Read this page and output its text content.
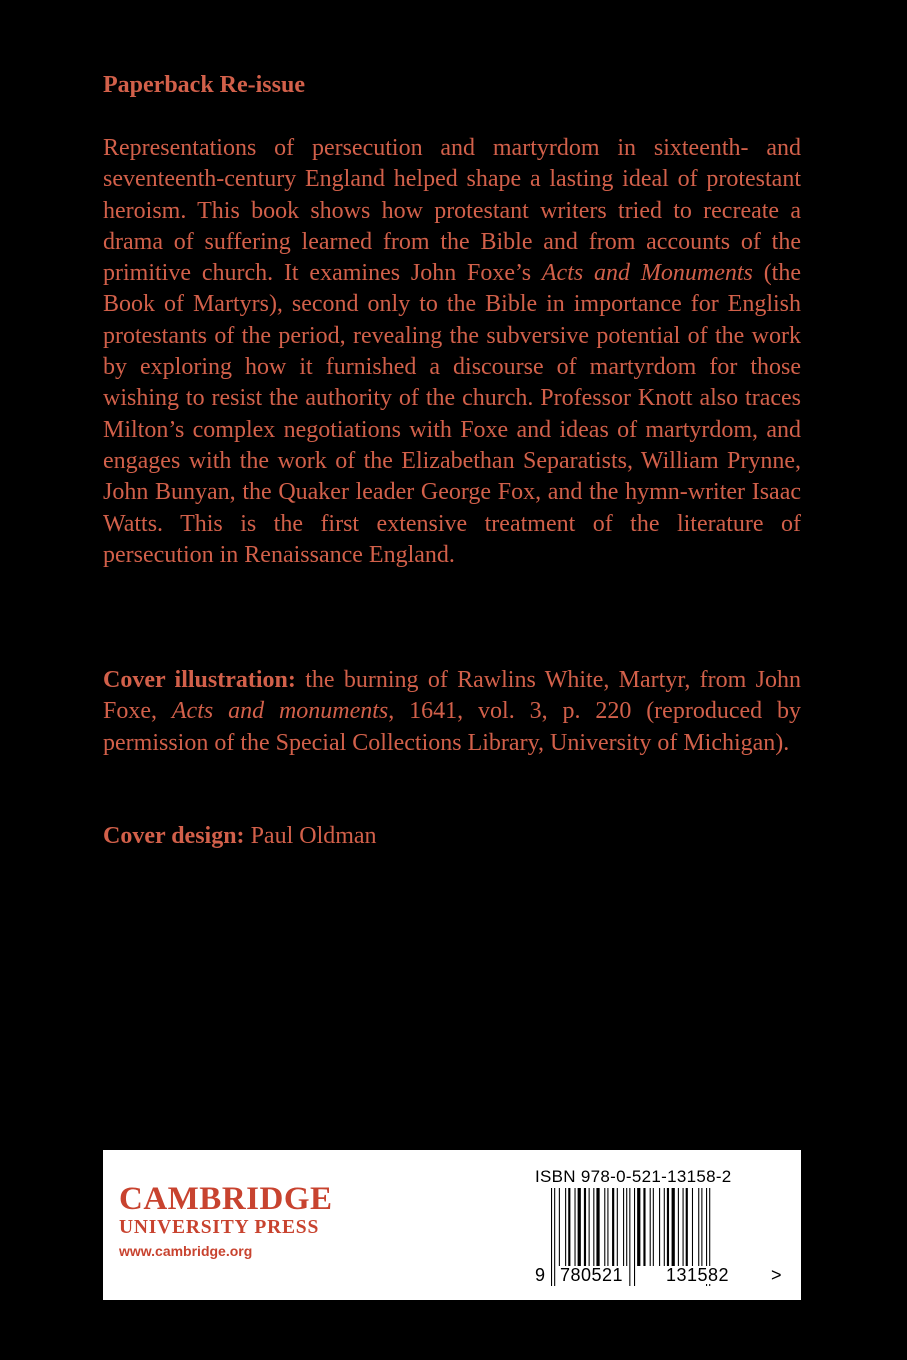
Paperback Re-issue

Representations of persecution and martyrdom in sixteenth- and seventeenth-century England helped shape a lasting ideal of protestant heroism. This book shows how protestant writers tried to recreate a drama of suffering learned from the Bible and from accounts of the primitive church. It examines John Foxe’s Acts and Monuments (the Book of Martyrs), second only to the Bible in importance for English protestants of the period, revealing the subversive potential of the work by exploring how it furnished a discourse of martyrdom for those wishing to resist the authority of the church. Professor Knott also traces Milton’s complex negotiations with Foxe and ideas of martyrdom, and engages with the work of the Elizabethan Separatists, William Prynne, John Bunyan, the Quaker leader George Fox, and the hymn-writer Isaac Watts. This is the first extensive treatment of the literature of persecution in Renaissance England.

Cover illustration: the burning of Rawlins White, Martyr, from John Foxe, Acts and monuments, 1641, vol. 3, p. 220 (reproduced by permission of the Special Collections Library, University of Michigan).

Cover design: Paul Oldman

CAMBRIDGE
UNIVERSITY PRESS
www.cambridge.org
ISBN 978-0-521-13158-2
9 780521 131582 >
